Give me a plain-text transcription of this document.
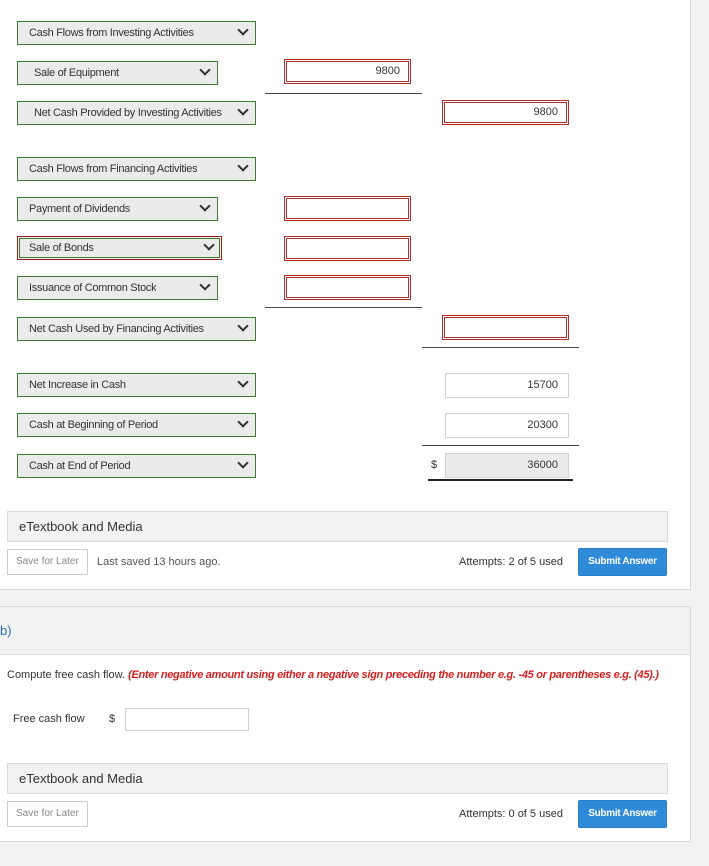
Cash Flows from Investing Activities
Sale of Equipment	9800
Net Cash Provided by Investing Activities	9800
Cash Flows from Financing Activities
Payment of Dividends
Sale of Bonds
Issuance of Common Stock
Net Cash Used by Financing Activities
Net Increase in Cash	15700
Cash at Beginning of Period	20300
Cash at End of Period	$	36000
eTextbook and Media
Save for Later	Last saved 13 hours ago.	Attempts: 2 of 5 used	Submit Answer
b)
Compute free cash flow. (Enter negative amount using either a negative sign preceding the number e.g. -45 or parentheses e.g. (45).)
Free cash flow $
eTextbook and Media
Save for Later	Attempts: 0 of 5 used	Submit Answer
